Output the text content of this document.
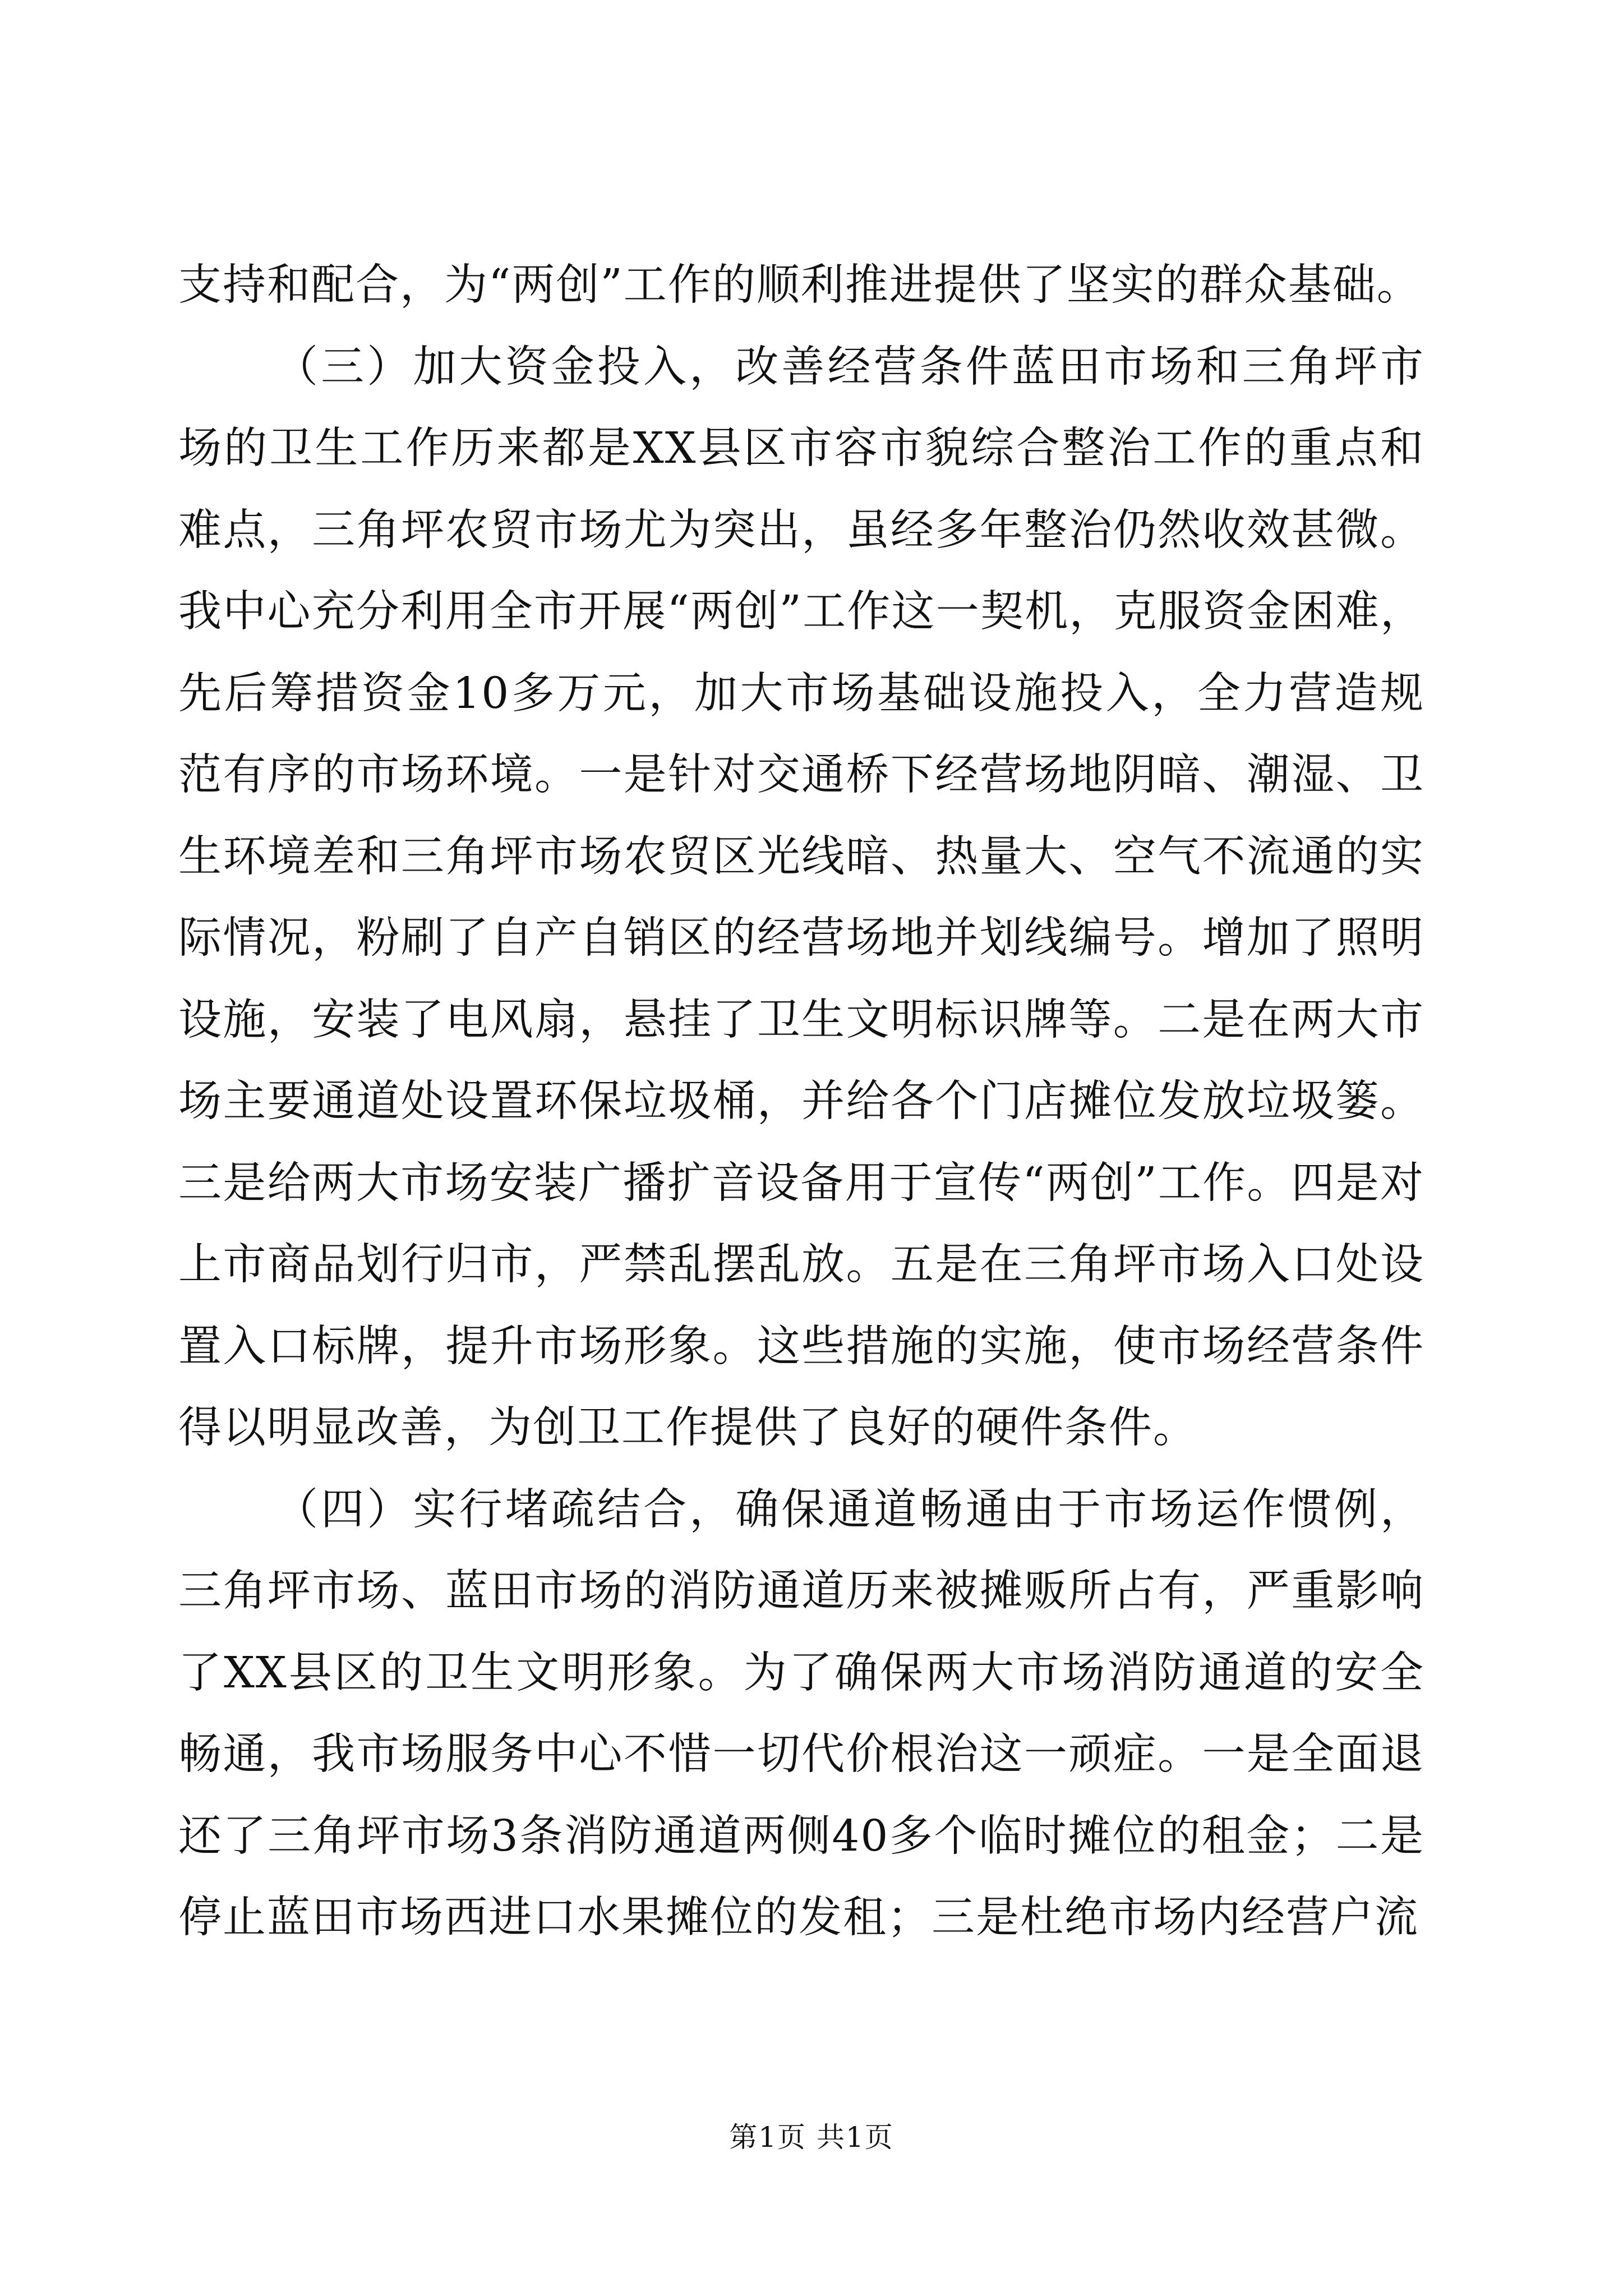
支持和配合，为“两创”工作的顺利推进提供了坚实的群众基础。

（三）加大资金投入，改善经营条件蓝田市场和三角坪市场的卫生工作历来都是XX县区市容市貌综合整治工作的重点和难点，三角坪农贸市场尤为突出，虽经多年整治仍然收效甚微。我中心充分利用全市开展“两创”工作这一契机，克服资金困难，先后筹措资金10多万元，加大市场基础设施投入，全力营造规范有序的市场环境。一是针对交通桥下经营场地阴暗、潮湿、卫生环境差和三角坪市场农贸区光线暗、热量大、空气不流通的实际情况，粉刷了自产自销区的经营场地并划线编号。增加了照明设施，安装了电风扇，悬挂了卫生文明标识牌等。二是在两大市场主要通道处设置环保垃圾桶，并给各个门店摊位发放垃圾篓。三是给两大市场安装广播扩音设备用于宣传“两创”工作。四是对上市商品划行归市，严禁乱摆乱放。五是在三角坪市场入口处设置入口标牌，提升市场形象。这些措施的实施，使市场经营条件得以明显改善，为创卫工作提供了良好的硬件条件。

（四）实行堵疏结合，确保通道畅通由于市场运作惯例，三角坪市场、蓝田市场的消防通道历来被摊贩所占有，严重影响了XX县区的卫生文明形象。为了确保两大市场消防通道的安全畅通，我市场服务中心不惜一切代价根治这一顽症。一是全面退还了三角坪市场3条消防通道两侧40多个临时摊位的租金；二是停止蓝田市场西进口水果摊位的发租；三是杜绝市场内经营户流

第1页 共1页
